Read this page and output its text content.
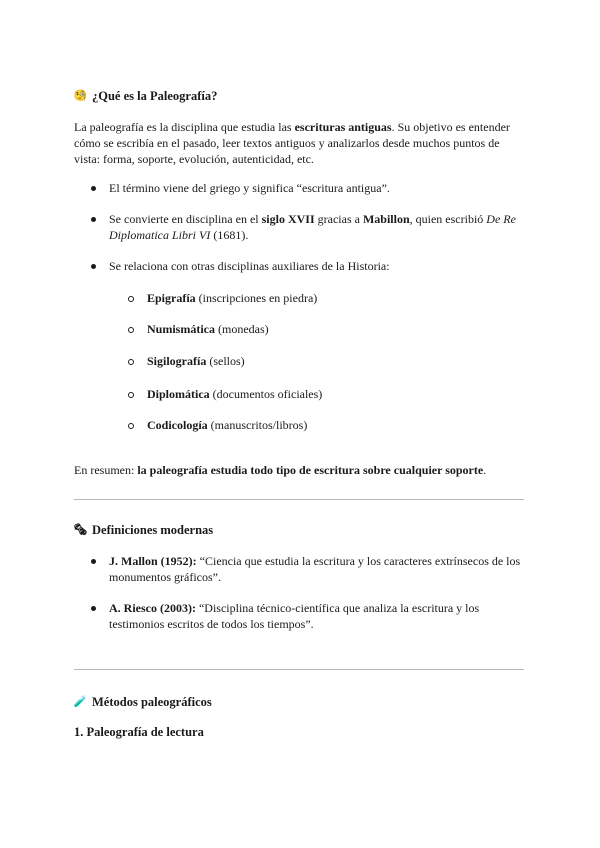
🧐 ¿Qué es la Paleografía?
La paleografía es la disciplina que estudia las escrituras antiguas. Su objetivo es entender cómo se escribía en el pasado, leer textos antiguos y analizarlos desde muchos puntos de vista: forma, soporte, evolución, autenticidad, etc.
El término viene del griego y significa “escritura antigua”.
Se convierte en disciplina en el siglo XVII gracias a Mabillon, quien escribió De Re Diplomatica Libri VI (1681).
Se relaciona con otras disciplinas auxiliares de la Historia:
Epigrafía (inscripciones en piedra)
Numismática (monedas)
Sigilografía (sellos)
Diplomática (documentos oficiales)
Codicología (manuscritos/libros)
En resumen: la paleografía estudia todo tipo de escritura sobre cualquier soporte.
🗞 Definiciones modernas
J. Mallon (1952): “Ciencia que estudia la escritura y los caracteres extrínsecos de los monumentos gráficos”.
A. Riesco (2003): “Disciplina técnico-científica que analiza la escritura y los testimonios escritos de todos los tiempos”.
🧪 Métodos paleográficos
1. Paleografía de lectura
